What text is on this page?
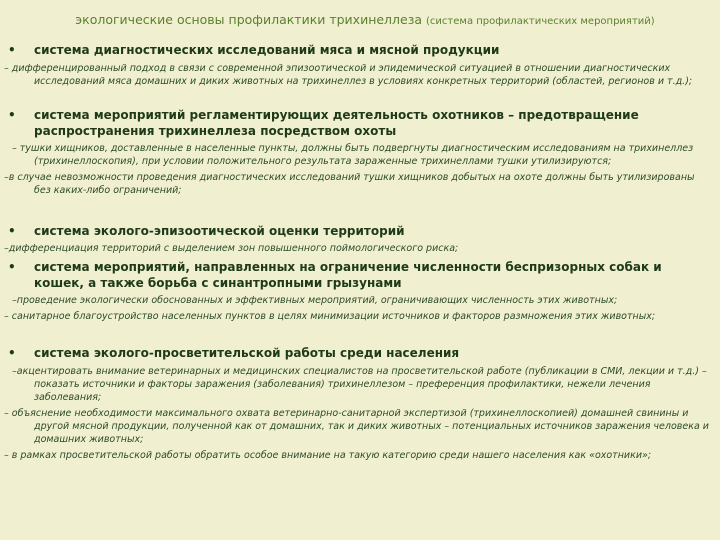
экологические основы профилактики трихинеллеза (система профилактических мероприятий)
• система диагностических исследований мяса и мясной продукции
– дифференцированный подход в связи с современной эпизоотической и эпидемической ситуацией в отношении диагностических исследований мяса домашних и диких животных на трихинеллез в условиях конкретных территорий (областей, регионов и т.д.);
• система мероприятий регламентирующих деятельность охотников – предотвращение распространения трихинеллеза посредством охоты
– тушки хищников, доставленные в населенные пункты, должны быть подвергнуты диагностическим исследованиям на трихинеллез (трихинеллоскопия), при условии положительного результата зараженные трихинеллами тушки утилизируются;
–в случае невозможности проведения диагностических исследований тушки хищников добытых на охоте должны быть утилизированы без каких-либо ограничений;
• система эколого-эпизоотической оценки территорий
–дифференциация территорий с выделением зон повышенного поймологического риска;
• система мероприятий, направленных на ограничение численности беспризорных собак и кошек, а также борьба с синантропными грызунами
–проведение экологически обоснованных и эффективных мероприятий, ограничивающих численность этих животных;
– санитарное благоустройство населенных пунктов в целях минимизации источников и факторов размножения этих животных;
• система эколого-просветительской работы среди населения
–акцентировать внимание ветеринарных и медицинских специалистов на просветительской работе (публикации в СМИ, лекции и т.д.) – показать источники и факторы заражения (заболевания) трихинеллезом – преференция профилактики, нежели лечения заболевания;
– объяснение необходимости максимального охвата ветеринарно-санитарной экспертизой (трихинеллоскопией) домашней свинины и другой мясной продукции, полученной как от домашних, так и диких животных – потенциальных источников заражения человека и домашних животных;
– в рамках просветительской работы обратить особое внимание на такую категорию среди нашего населения как «охотники»;
